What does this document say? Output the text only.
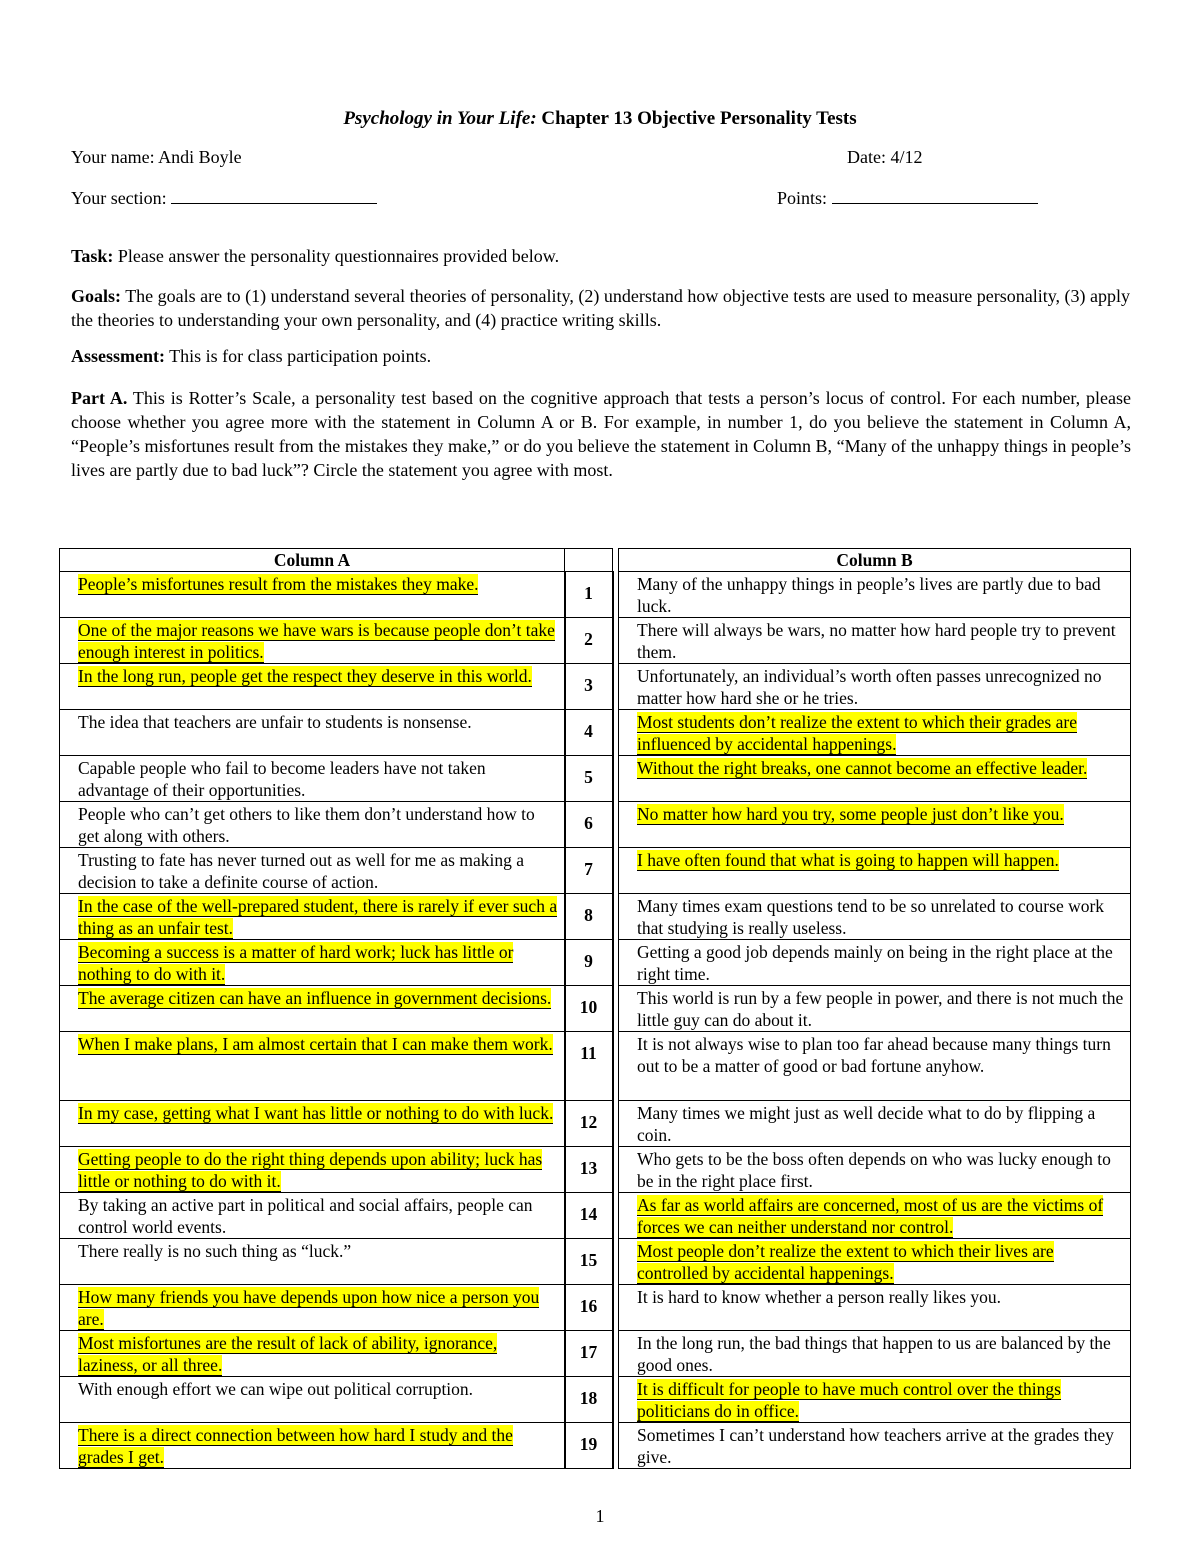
Psychology in Your Life: Chapter 13 Objective Personality Tests
Your name: Andi Boyle	Date: 4/12
Your section:	Points:
Task: Please answer the personality questionnaires provided below.
Goals: The goals are to (1) understand several theories of personality, (2) understand how objective tests are used to measure personality, (3) apply the theories to understanding your own personality, and (4) practice writing skills.
Assessment: This is for class participation points.
Part A. This is Rotter’s Scale, a personality test based on the cognitive approach that tests a person’s locus of control. For each number, please choose whether you agree more with the statement in Column A or B. For example, in number 1, do you believe the statement in Column A, “People’s misfortunes result from the mistakes they make,” or do you believe the statement in Column B, “Many of the unhappy things in people’s lives are partly due to bad luck”? Circle the statement you agree with most.
Column A			Column B
People’s misfortunes result from the mistakes they make.	1		Many of the unhappy things in people’s lives are partly due to bad luck.
One of the major reasons we have wars is because people don’t take enough interest in politics.	2		There will always be wars, no matter how hard people try to prevent them.
In the long run, people get the respect they deserve in this world.	3		Unfortunately, an individual’s worth often passes unrecognized no matter how hard she or he tries.
The idea that teachers are unfair to students is nonsense.	4		Most students don’t realize the extent to which their grades are influenced by accidental happenings.
Capable people who fail to become leaders have not taken advantage of their opportunities.	5		Without the right breaks, one cannot become an effective leader.
People who can’t get others to like them don’t understand how to get along with others.	6		No matter how hard you try, some people just don’t like you.
Trusting to fate has never turned out as well for me as making a decision to take a definite course of action.	7		I have often found that what is going to happen will happen.
In the case of the well-prepared student, there is rarely if ever such a thing as an unfair test.	8		Many times exam questions tend to be so unrelated to course work that studying is really useless.
Becoming a success is a matter of hard work; luck has little or nothing to do with it.	9		Getting a good job depends mainly on being in the right place at the right time.
The average citizen can have an influence in government decisions.	10		This world is run by a few people in power, and there is not much the little guy can do about it.
When I make plans, I am almost certain that I can make them work.	11		It is not always wise to plan too far ahead because many things turn out to be a matter of good or bad fortune anyhow.
In my case, getting what I want has little or nothing to do with luck.	12		Many times we might just as well decide what to do by flipping a coin.
Getting people to do the right thing depends upon ability; luck has little or nothing to do with it.	13		Who gets to be the boss often depends on who was lucky enough to be in the right place first.
By taking an active part in political and social affairs, people can control world events.	14		As far as world affairs are concerned, most of us are the victims of forces we can neither understand nor control.
There really is no such thing as “luck.”	15		Most people don’t realize the extent to which their lives are controlled by accidental happenings.
How many friends you have depends upon how nice a person you are.	16		It is hard to know whether a person really likes you.
Most misfortunes are the result of lack of ability, ignorance, laziness, or all three.	17		In the long run, the bad things that happen to us are balanced by the good ones.
With enough effort we can wipe out political corruption.	18		It is difficult for people to have much control over the things politicians do in office.
There is a direct connection between how hard I study and the grades I get.	19		Sometimes I can’t understand how teachers arrive at the grades they give.
1
